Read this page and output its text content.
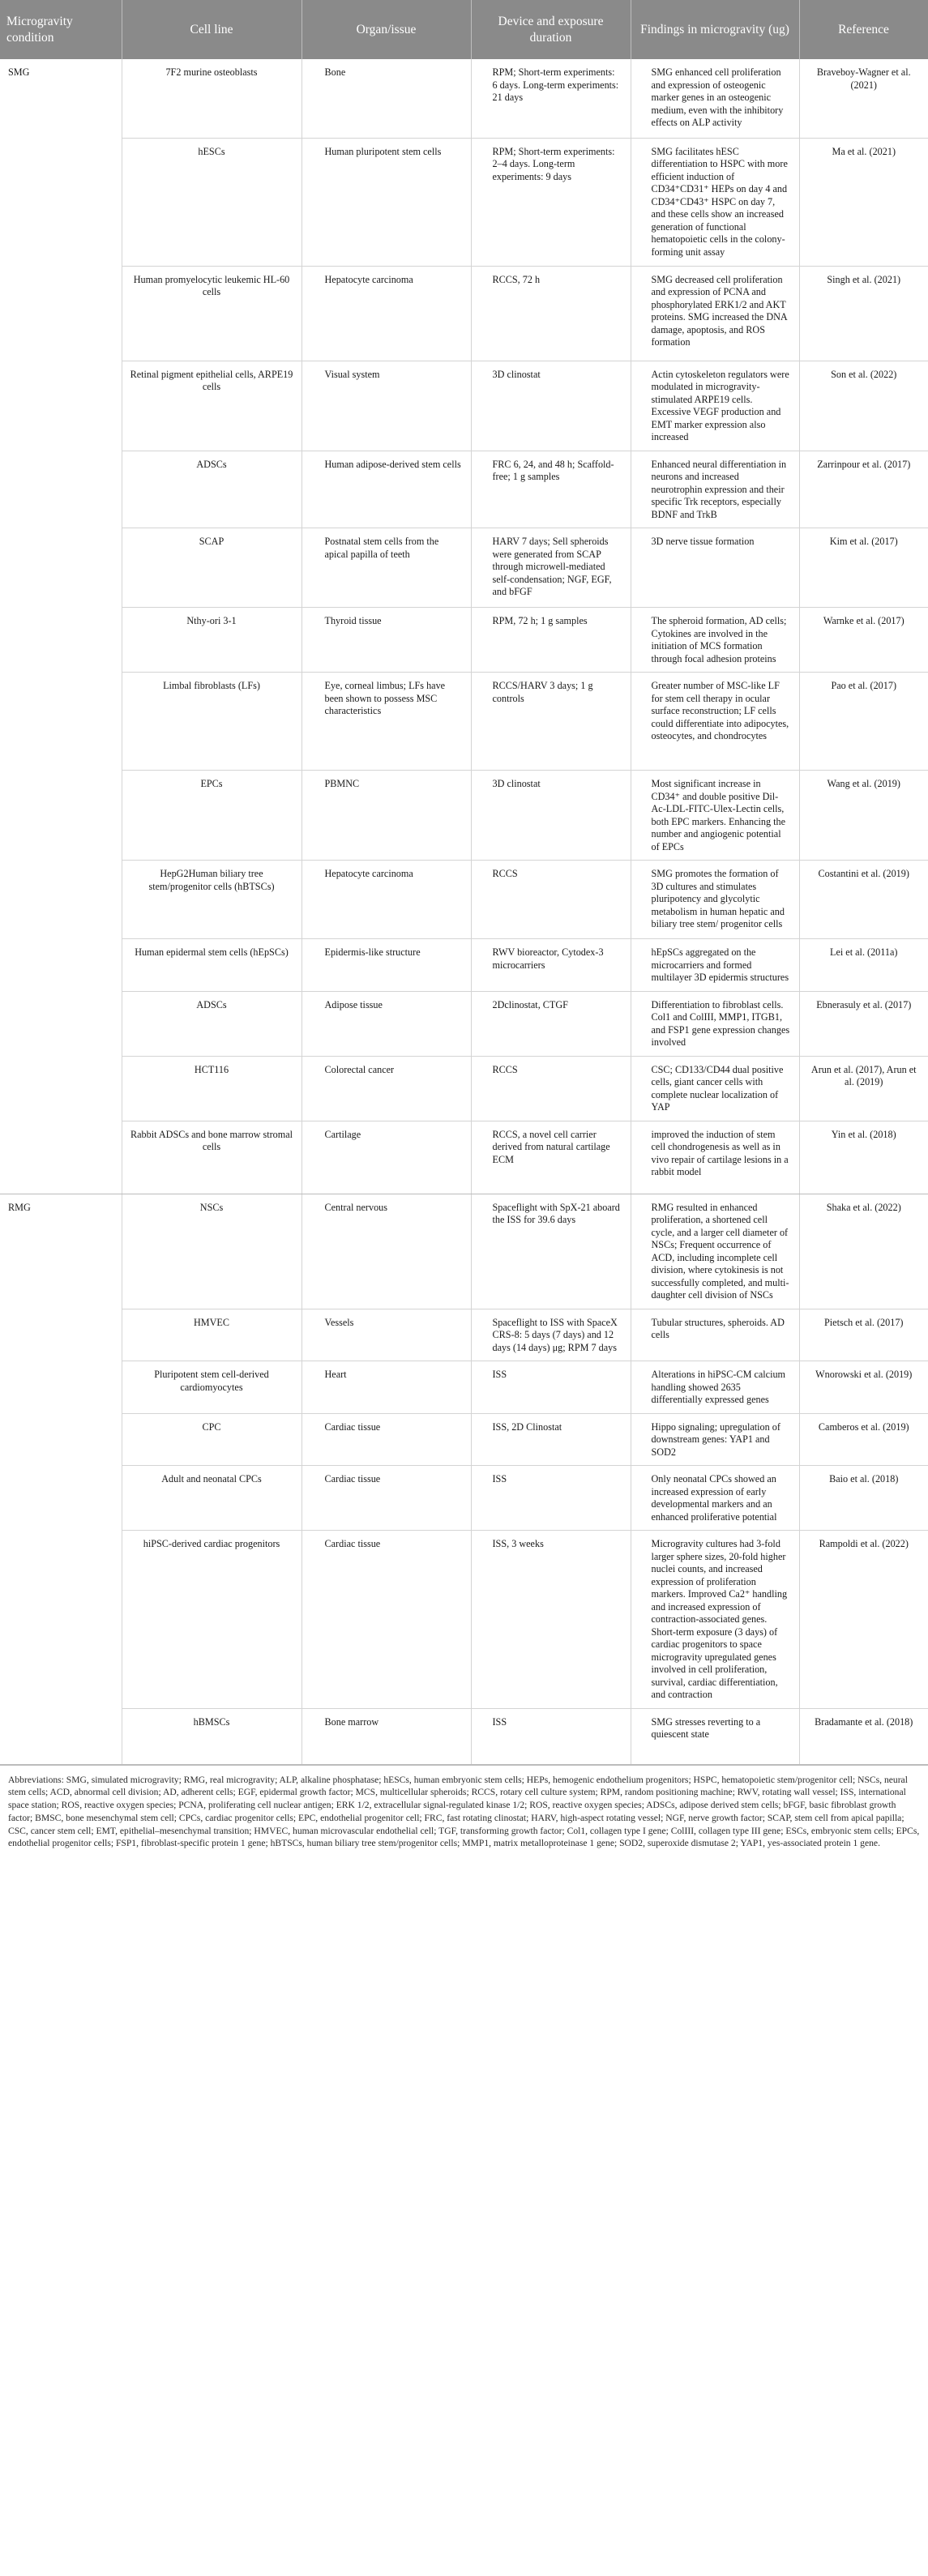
Microgravity condition	Cell line	Organ/issue	Device and exposure duration	Findings in microgravity (ug)	Reference
SMG	7F2 murine osteoblasts	Bone	RPM; Short-term experiments: 6 days. Long-term experiments: 21 days	SMG enhanced cell proliferation and expression of osteogenic marker genes in an osteogenic medium, even with the inhibitory effects on ALP activity	Braveboy-Wagner et al. (2021)
	hESCs	Human pluripotent stem cells	RPM; Short-term experiments: 2–4 days. Long-term experiments: 9 days	SMG facilitates hESC differentiation to HSPC with more efficient induction of CD34⁺CD31⁺ HEPs on day 4 and CD34⁺CD43⁺ HSPC on day 7, and these cells show an increased generation of functional hematopoietic cells in the colony-forming unit assay	Ma et al. (2021)
	Human promyelocytic leukemic HL-60 cells	Hepatocyte carcinoma	RCCS, 72 h	SMG decreased cell proliferation and expression of PCNA and phosphorylated ERK1/2 and AKT proteins. SMG increased the DNA damage, apoptosis, and ROS formation	Singh et al. (2021)
	Retinal pigment epithelial cells, ARPE19 cells	Visual system	3D clinostat	Actin cytoskeleton regulators were modulated in microgravity-stimulated ARPE19 cells. Excessive VEGF production and EMT marker expression also increased	Son et al. (2022)
	ADSCs	Human adipose-derived stem cells	FRC 6, 24, and 48 h; Scaffold-free; 1 g samples	Enhanced neural differentiation in neurons and increased neurotrophin expression and their specific Trk receptors, especially BDNF and TrkB	Zarrinpour et al. (2017)
	SCAP	Postnatal stem cells from the apical papilla of teeth	HARV 7 days; Sell spheroids were generated from SCAP through microwell-mediated self-condensation; NGF, EGF, and bFGF	3D nerve tissue formation	Kim et al. (2017)
	Nthy-ori 3-1	Thyroid tissue	RPM, 72 h; 1 g samples	The spheroid formation, AD cells; Cytokines are involved in the initiation of MCS formation through focal adhesion proteins	Warnke et al. (2017)
	Limbal fibroblasts (LFs)	Eye, corneal limbus; LFs have been shown to possess MSC characteristics	RCCS/HARV 3 days; 1 g controls	Greater number of MSC-like LF for stem cell therapy in ocular surface reconstruction; LF cells could differentiate into adipocytes, osteocytes, and chondrocytes	Pao et al. (2017)
	EPCs	PBMNC	3D clinostat	Most significant increase in CD34⁺ and double positive Dil-Ac-LDL-FITC-Ulex-Lectin cells, both EPC markers. Enhancing the number and angiogenic potential of EPCs	Wang et al. (2019)
	HepG2Human biliary tree stem/progenitor cells (hBTSCs)	Hepatocyte carcinoma	RCCS	SMG promotes the formation of 3D cultures and stimulates pluripotency and glycolytic metabolism in human hepatic and biliary tree stem/ progenitor cells	Costantini et al. (2019)
	Human epidermal stem cells (hEpSCs)	Epidermis-like structure	RWV bioreactor, Cytodex-3 microcarriers	hEpSCs aggregated on the microcarriers and formed multilayer 3D epidermis structures	Lei et al. (2011a)
	ADSCs	Adipose tissue	2Dclinostat, CTGF	Differentiation to fibroblast cells. Col1 and ColIII, MMP1, ITGB1, and FSP1 gene expression changes involved	Ebnerasuly et al. (2017)
	HCT116	Colorectal cancer	RCCS	CSC; CD133/CD44 dual positive cells, giant cancer cells with complete nuclear localization of YAP	Arun et al. (2017), Arun et al. (2019)
	Rabbit ADSCs and bone marrow stromal cells	Cartilage	RCCS, a novel cell carrier derived from natural cartilage ECM	improved the induction of stem cell chondrogenesis as well as in vivo repair of cartilage lesions in a rabbit model	Yin et al. (2018)
RMG	NSCs	Central nervous	Spaceflight with SpX-21 aboard the ISS for 39.6 days	RMG resulted in enhanced proliferation, a shortened cell cycle, and a larger cell diameter of NSCs; Frequent occurrence of ACD, including incomplete cell division, where cytokinesis is not successfully completed, and multi-daughter cell division of NSCs	Shaka et al. (2022)
	HMVEC	Vessels	Spaceflight to ISS with SpaceX CRS-8: 5 days (7 days) and 12 days (14 days) μg; RPM 7 days	Tubular structures, spheroids. AD cells	Pietsch et al. (2017)
	Pluripotent stem cell-derived cardiomyocytes	Heart	ISS	Alterations in hiPSC-CM calcium handling showed 2635 differentially expressed genes	Wnorowski et al. (2019)
	CPC	Cardiac tissue	ISS, 2D Clinostat	Hippo signaling; upregulation of downstream genes: YAP1 and SOD2	Camberos et al. (2019)
	Adult and neonatal CPCs	Cardiac tissue	ISS	Only neonatal CPCs showed an increased expression of early developmental markers and an enhanced proliferative potential	Baio et al. (2018)
	hiPSC-derived cardiac progenitors	Cardiac tissue	ISS, 3 weeks	Microgravity cultures had 3-fold larger sphere sizes, 20-fold higher nuclei counts, and increased expression of proliferation markers. Improved Ca2⁺ handling and increased expression of contraction-associated genes. Short-term exposure (3 days) of cardiac progenitors to space microgravity upregulated genes involved in cell proliferation, survival, cardiac differentiation, and contraction	Rampoldi et al. (2022)
	hBMSCs	Bone marrow	ISS	SMG stresses reverting to a quiescent state	Bradamante et al. (2018)
Abbreviations: SMG, simulated microgravity; RMG, real microgravity; ALP, alkaline phosphatase; hESCs, human embryonic stem cells; HEPs, hemogenic endothelium progenitors; HSPC, hematopoietic stem/progenitor cell; NSCs, neural stem cells; ACD, abnormal cell division; AD, adherent cells; EGF, epidermal growth factor; MCS, multicellular spheroids; RCCS, rotary cell culture system; RPM, random positioning machine; RWV, rotating wall vessel; ISS, international space station; ROS, reactive oxygen species; PCNA, proliferating cell nuclear antigen; ERK 1/2, extracellular signal-regulated kinase 1/2; ROS, reactive oxygen species; ADSCs, adipose derived stem cells; bFGF, basic fibroblast growth factor; BMSC, bone mesenchymal stem cell; CPCs, cardiac progenitor cells; EPC, endothelial progenitor cell; FRC, fast rotating clinostat; HARV, high-aspect rotating vessel; NGF, nerve growth factor; SCAP, stem cell from apical papilla; CSC, cancer stem cell; EMT, epithelial–mesenchymal transition; HMVEC, human microvascular endothelial cell; TGF, transforming growth factor; Col1, collagen type I gene; ColIII, collagen type III gene; ESCs, embryonic stem cells; EPCs, endothelial progenitor cells; FSP1, fibroblast-specific protein 1 gene; hBTSCs, human biliary tree stem/progenitor cells; MMP1, matrix metalloproteinase 1 gene; SOD2, superoxide dismutase 2; YAP1, yes-associated protein 1 gene.
